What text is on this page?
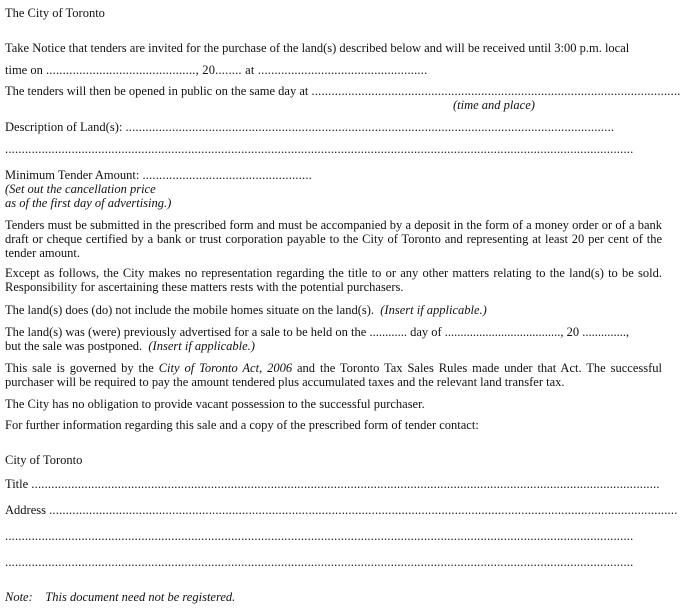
The City of Toronto
Take Notice that tenders are invited for the purchase of the land(s) described below and will be received until 3:00 p.m. local
time on ............................................., 20........ at ...................................................
The tenders will then be opened in public on the same day at ...............................................................................................................
(time and place)
Description of Land(s): ...................................................................................................................................................
.............................................................................................................................................................................................
Minimum Tender Amount: ...................................................
(Set out the cancellation price
as of the first day of advertising.)
Tenders must be submitted in the prescribed form and must be accompanied by a deposit in the form of a money order or of a bank draft or cheque certified by a bank or trust corporation payable to the City of Toronto and representing at least 20 per cent of the tender amount.
Except as follows, the City makes no representation regarding the title to or any other matters relating to the land(s) to be sold. Responsibility for ascertaining these matters rests with the potential purchasers.
The land(s) does (do) not include the mobile homes situate on the land(s). (Insert if applicable.)
The land(s) was (were) previously advertised for a sale to be held on the ............ day of ....................................., 20 ..............,
but the sale was postponed. (Insert if applicable.)
This sale is governed by the City of Toronto Act, 2006 and the Toronto Tax Sales Rules made under that Act. The successful purchaser will be required to pay the amount tendered plus accumulated taxes and the relevant land transfer tax.
The City has no obligation to provide vacant possession to the successful purchaser.
For further information regarding this sale and a copy of the prescribed form of tender contact:
City of Toronto
Title .............................................................................................................................................................................................
Address .............................................................................................................................................................................................
.............................................................................................................................................................................................
.............................................................................................................................................................................................
Note: This document need not be registered.
